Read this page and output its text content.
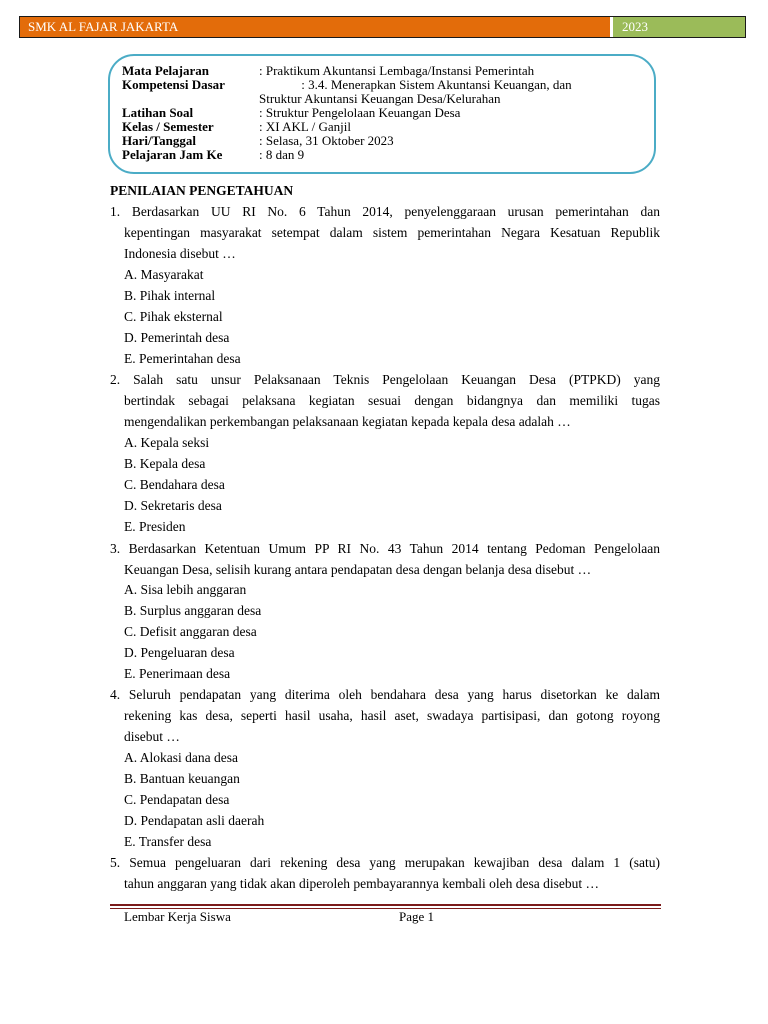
SMK AL FAJAR JAKARTA	2023
Mata Pelajaran	: Praktikum Akuntansi Lembaga/Instansi Pemerintah
Kompetensi Dasar	: 3.4. Menerapkan Sistem Akuntansi Keuangan, dan
Struktur Akuntansi Keuangan Desa/Kelurahan
Latihan Soal	: Struktur Pengelolaan Keuangan Desa
Kelas / Semester	: XI AKL / Ganjil
Hari/Tanggal	: Selasa, 31 Oktober 2023
Pelajaran Jam Ke	: 8 dan 9
PENILAIAN PENGETAHUAN
1. Berdasarkan UU RI No. 6 Tahun 2014, penyelenggaraan urusan pemerintahan dan
kepentingan masyarakat setempat dalam sistem pemerintahan Negara Kesatuan Republik
Indonesia disebut …
A. Masyarakat
B. Pihak internal
C. Pihak eksternal
D. Pemerintah desa
E. Pemerintahan desa
2. Salah satu unsur Pelaksanaan Teknis Pengelolaan Keuangan Desa (PTPKD) yang
bertindak sebagai pelaksana kegiatan sesuai dengan bidangnya dan memiliki tugas
mengendalikan perkembangan pelaksanaan kegiatan kepada kepala desa adalah …
A. Kepala seksi
B. Kepala desa
C. Bendahara desa
D. Sekretaris desa
E. Presiden
3. Berdasarkan Ketentuan Umum PP RI No. 43 Tahun 2014 tentang Pedoman Pengelolaan
Keuangan Desa, selisih kurang antara pendapatan desa dengan belanja desa disebut …
A. Sisa lebih anggaran
B. Surplus anggaran desa
C. Defisit anggaran desa
D. Pengeluaran desa
E. Penerimaan desa
4. Seluruh pendapatan yang diterima oleh bendahara desa yang harus disetorkan ke dalam
rekening kas desa, seperti hasil usaha, hasil aset, swadaya partisipasi, dan gotong royong
disebut …
A. Alokasi dana desa
B. Bantuan keuangan
C. Pendapatan desa
D. Pendapatan asli daerah
E. Transfer desa
5. Semua pengeluaran dari rekening desa yang merupakan kewajiban desa dalam 1 (satu)
tahun anggaran yang tidak akan diperoleh pembayarannya kembali oleh desa disebut …
Lembar Kerja Siswa	Page 1
